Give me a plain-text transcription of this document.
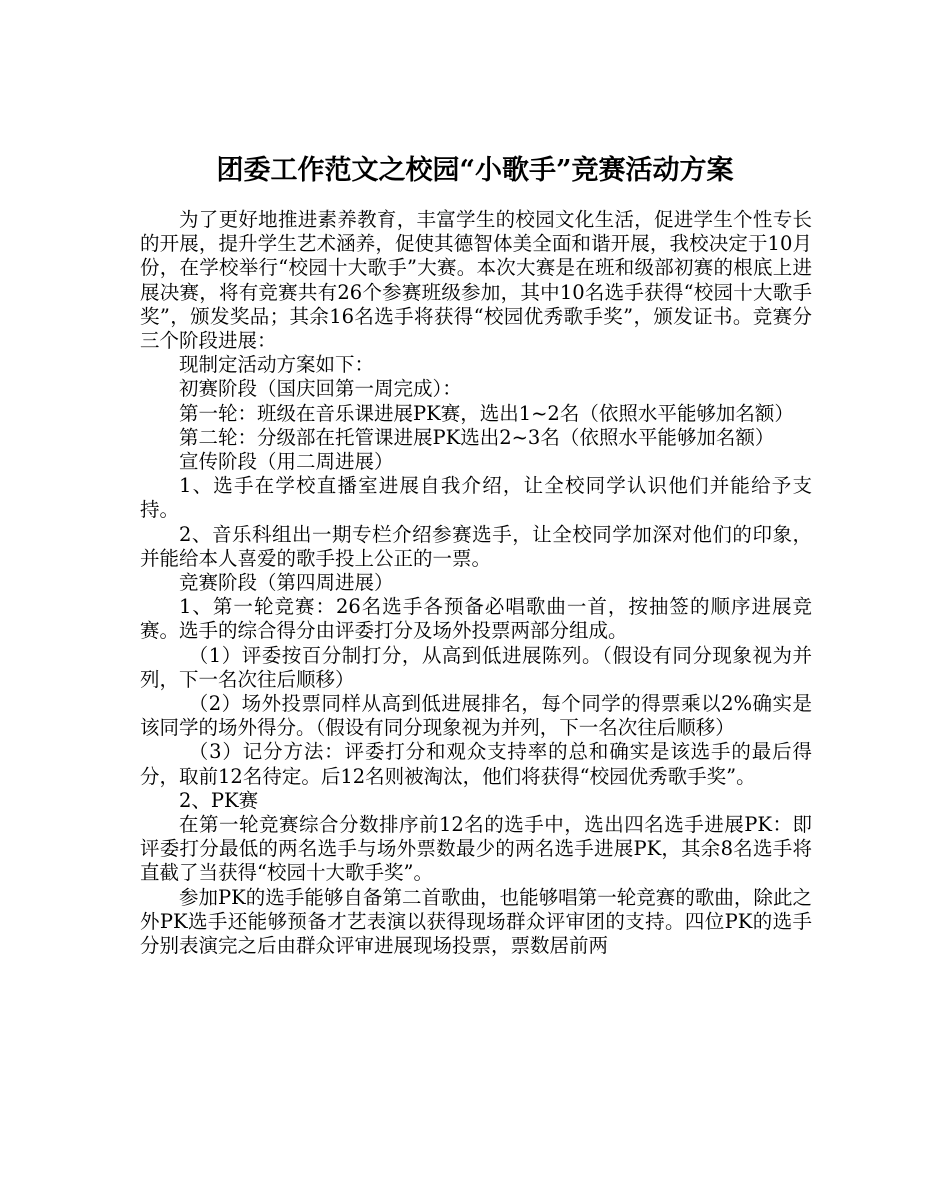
团委工作范文之校园“小歌手”竞赛活动方案

为了更好地推进素养教育，丰富学生的校园文化生活，促进学生个性专长的开展，提升学生艺术涵养，促使其德智体美全面和谐开展，我校决定于10月份，在学校举行“校园十大歌手”大赛。本次大赛是在班和级部初赛的根底上进展决赛，将有竞赛共有26个参赛班级参加，其中10名选手获得“校园十大歌手奖”，颁发奖品；其余16名选手将获得“校园优秀歌手奖”，颁发证书。竞赛分三个阶段进展：

现制定活动方案如下：

初赛阶段（国庆回第一周完成）：

第一轮：班级在音乐课进展PK赛，选出1~2名（依照水平能够加名额）

第二轮：分级部在托管课进展PK选出2~3名（依照水平能够加名额）

宣传阶段（用二周进展）

1、选手在学校直播室进展自我介绍，让全校同学认识他们并能给予支持。

2、音乐科组出一期专栏介绍参赛选手，让全校同学加深对他们的印象，并能给本人喜爱的歌手投上公正的一票。

竞赛阶段（第四周进展）

1、第一轮竞赛：26名选手各预备必唱歌曲一首，按抽签的顺序进展竞赛。选手的综合得分由评委打分及场外投票两部分组成。

（1）评委按百分制打分，从高到低进展陈列。（假设有同分现象视为并列，下一名次往后顺移）

（2）场外投票同样从高到低进展排名，每个同学的得票乘以2%确实是该同学的场外得分。（假设有同分现象视为并列，下一名次往后顺移）

（3）记分方法：评委打分和观众支持率的总和确实是该选手的最后得分，取前12名待定。后12名则被淘汰，他们将获得“校园优秀歌手奖”。

2、PK赛

在第一轮竞赛综合分数排序前12名的选手中，选出四名选手进展PK：即评委打分最低的两名选手与场外票数最少的两名选手进展PK，其余8名选手将直截了当获得“校园十大歌手奖”。

参加PK的选手能够自备第二首歌曲，也能够唱第一轮竞赛的歌曲，除此之外PK选手还能够预备才艺表演以获得现场群众评审团的支持。四位PK的选手分别表演完之后由群众评审进展现场投票，票数居前两
